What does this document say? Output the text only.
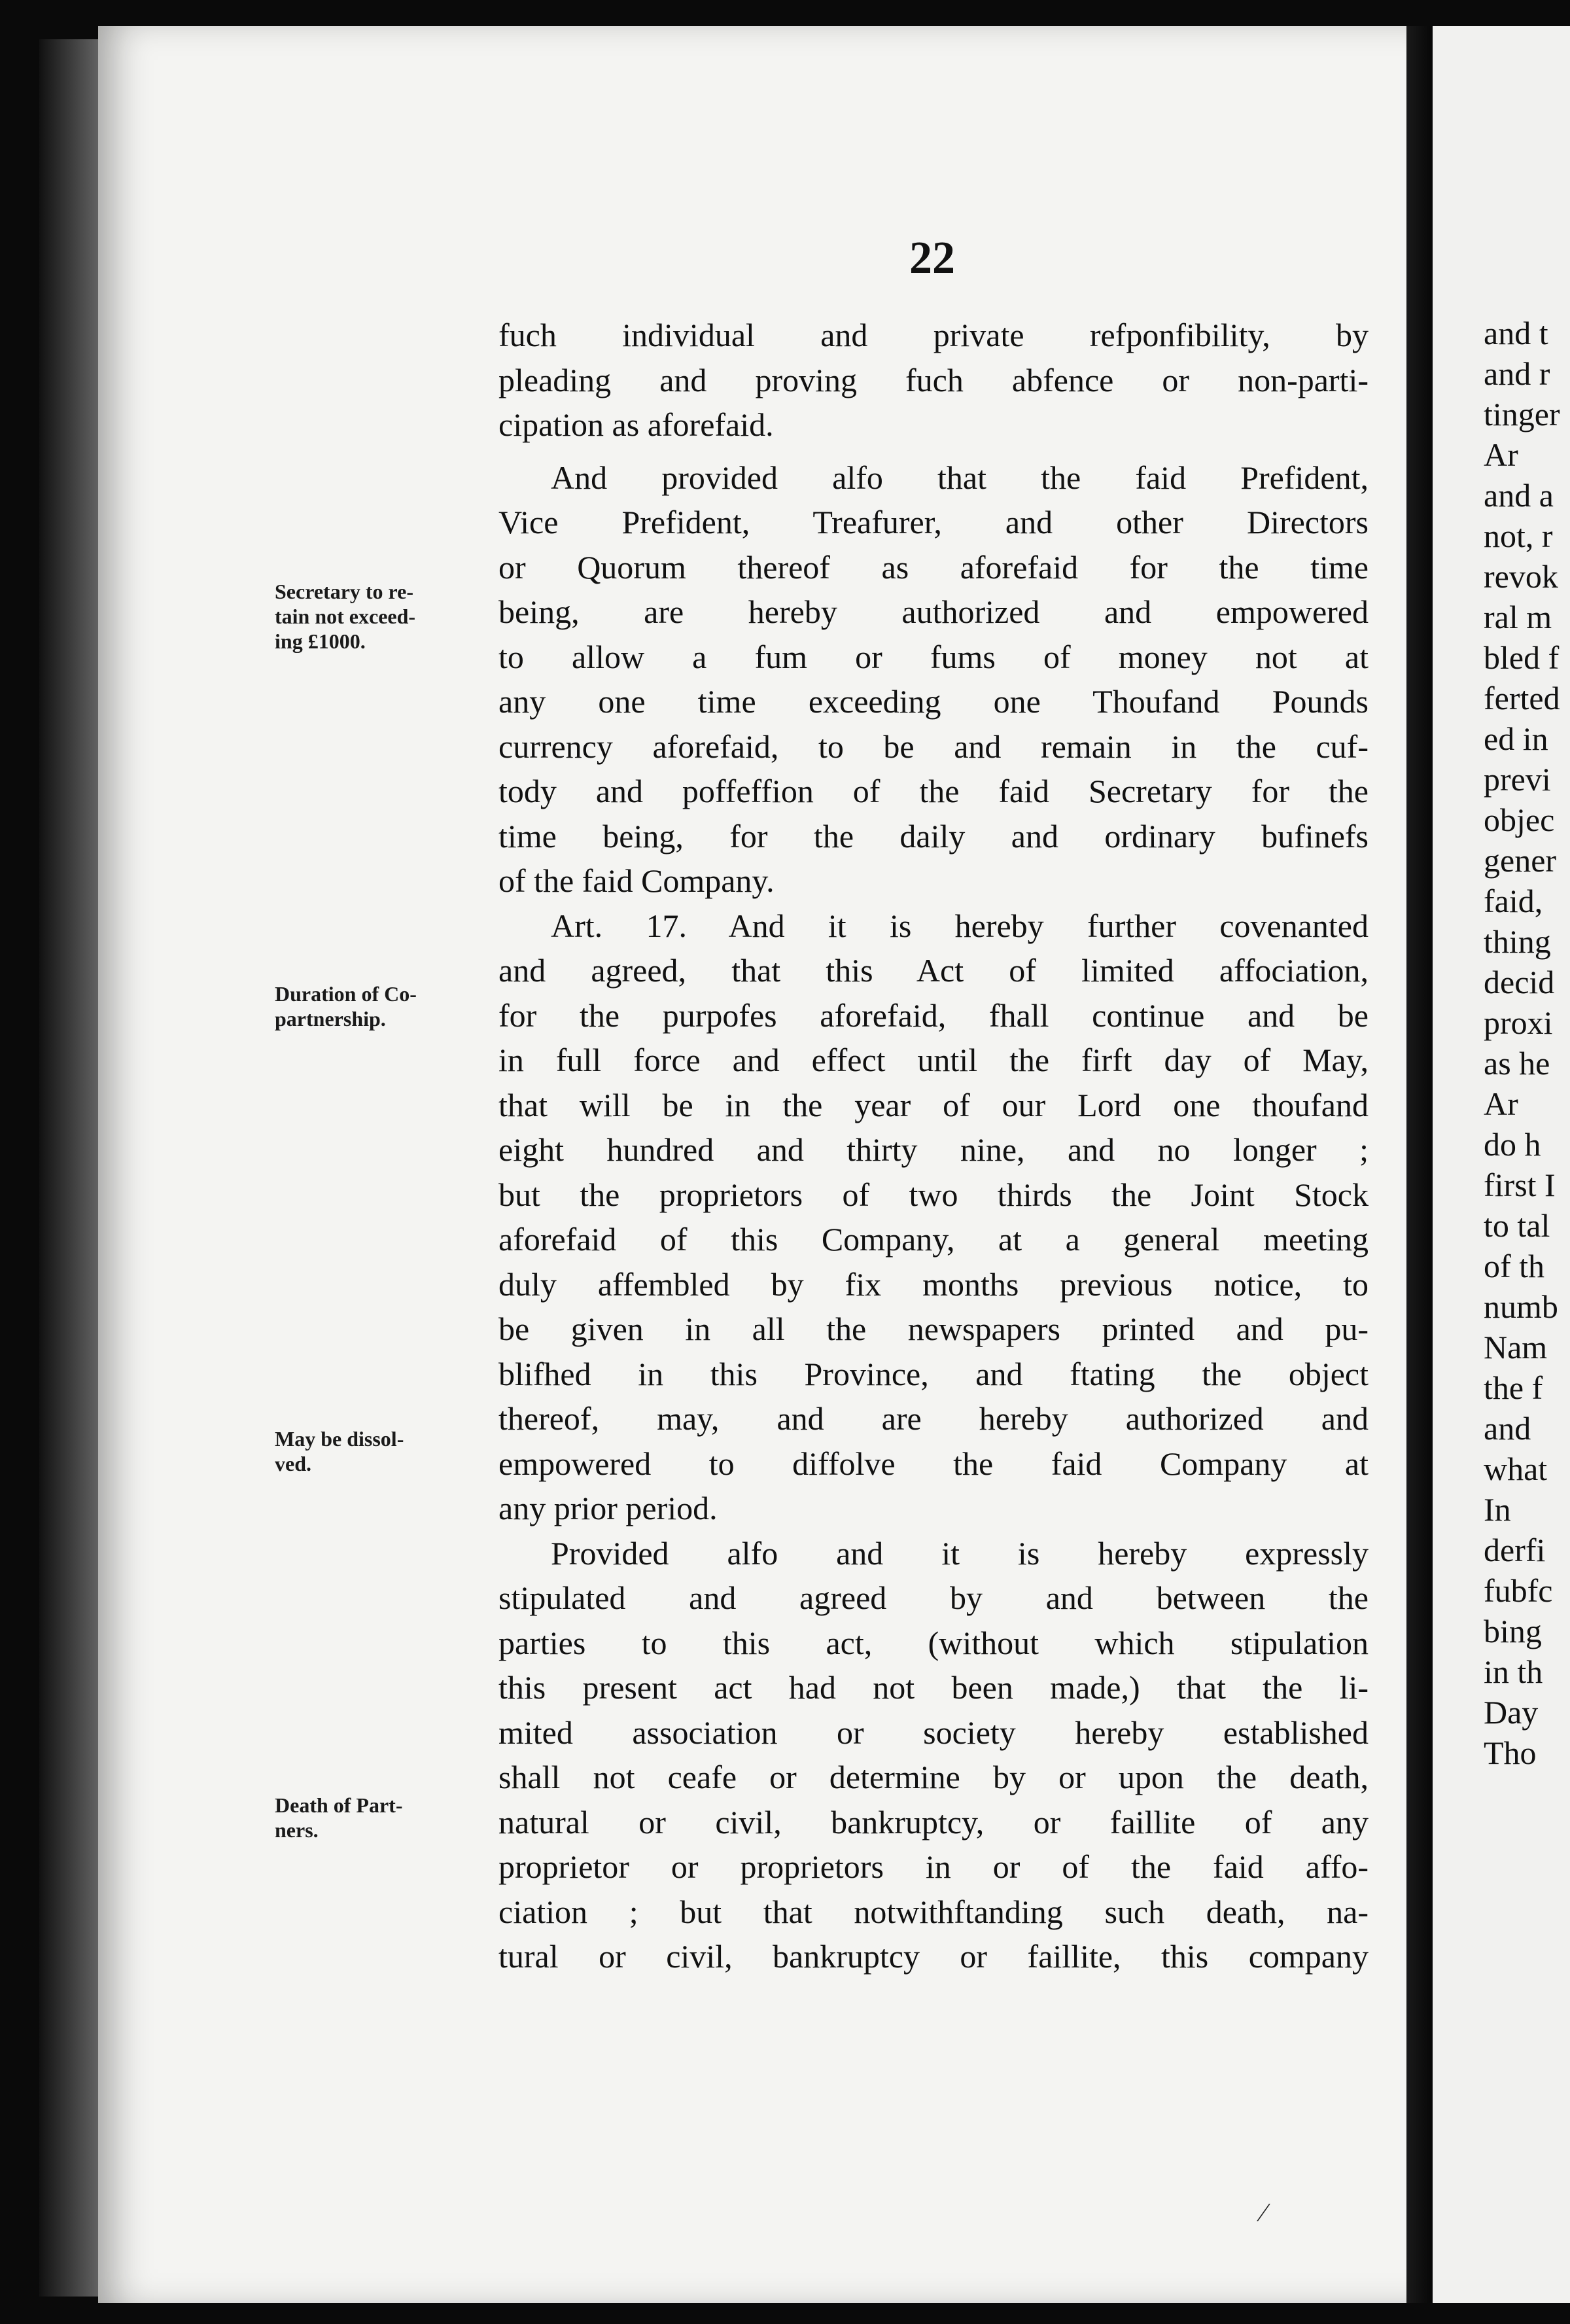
22
fuch individual and private refponfibility, by
pleading and proving fuch abfence or non-parti-
cipation as aforefaid.
And provided alfo that the faid Prefident,
Vice Prefident, Treafurer, and other Directors
or Quorum thereof as aforefaid for the time
being, are hereby authorized and empowered
to allow a fum or fums of money not at
any one time exceeding one Thoufand Pounds
currency aforefaid, to be and remain in the cuf-
tody and poffeffion of the faid Secretary for the
time being, for the daily and ordinary bufinefs
of the faid Company.
Art. 17. And it is hereby further covenanted
and agreed, that this Act of limited affociation,
for the purpofes aforefaid, fhall continue and be
in full force and effect until the firft day of May,
that will be in the year of our Lord one thoufand
eight hundred and thirty nine, and no longer ;
but the proprietors of two thirds the Joint Stock
aforefaid of this Company, at a general meeting
duly affembled by fix months previous notice, to
be given in all the newspapers printed and pu-
blifhed in this Province, and ftating the object
thereof, may, and are hereby authorized and
empowered to diffolve the faid Company at
any prior period.
Provided alfo and it is hereby expressly
stipulated and agreed by and between the
parties to this act, (without which stipulation
this present act had not been made,) that the li-
mited association or society hereby established
shall not ceafe or determine by or upon the death,
natural or civil, bankruptcy, or faillite of any
proprietor or proprietors in or of the faid affo-
ciation ; but that notwithftanding such death, na-
tural or civil, bankruptcy or faillite, this company
Secretary to re-
tain not exceed-
ing £1000.
Duration of Co-
partnership.
May be dissol-
ved.
Death of Part-
ners.
and t
and r
tinger
Ar
and a
not, r
revok
ral m
bled f
ferted
ed in
previ
objec
gener
faid,
thing
decid
proxi
as he
Ar
do h
first I
to tal
of th
numb
Nam
the f
and
what
In
derfi
fubfc
bing
in th
Day
Tho
⁄
